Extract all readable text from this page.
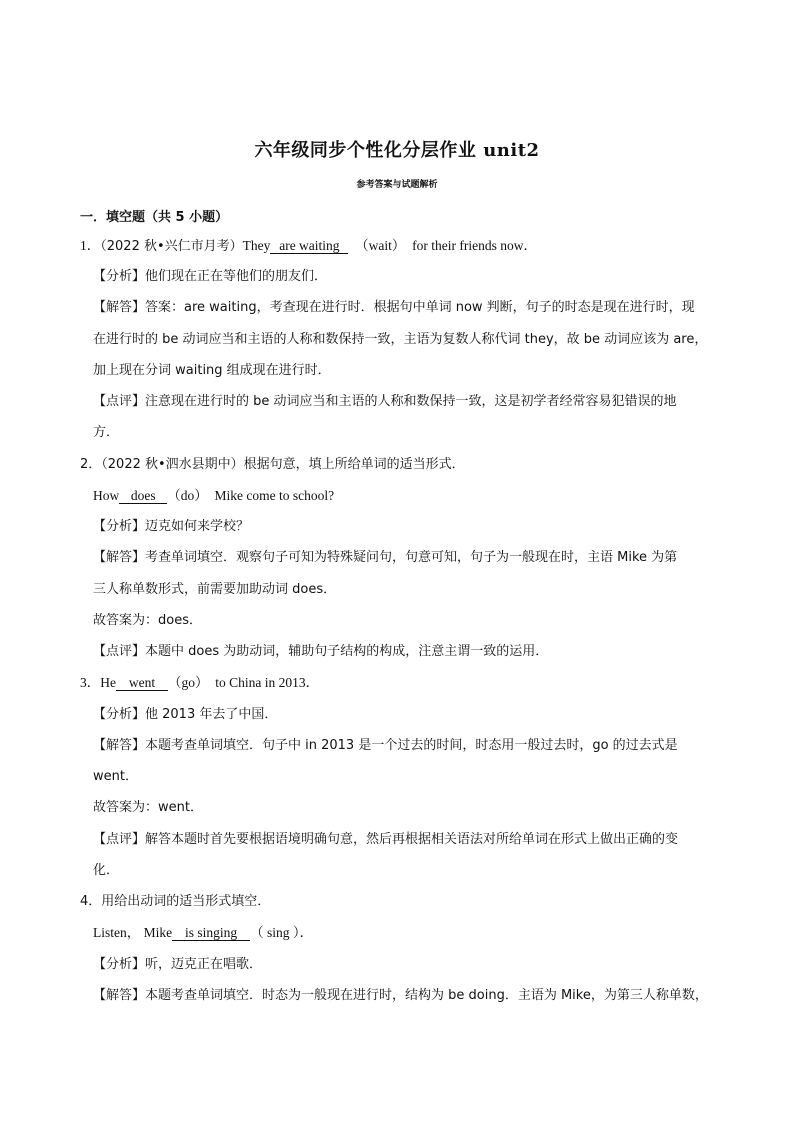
六年级同步个性化分层作业 unit2
参考答案与试题解析
一．填空题（共 5 小题）
1．（2022 秋•兴仁市月考）They are waiting （wait） for their friends now．
【分析】他们现在正在等他们的朋友们．
【解答】答案：are waiting，考查现在进行时．根据句中单词 now 判断，句子的时态是现在进行时，现
在进行时的 be 动词应当和主语的人称和数保持一致，主语为复数人称代词 they，故 be 动词应该为 are，
加上现在分词 waiting 组成现在进行时．
【点评】注意现在进行时的 be 动词应当和主语的人称和数保持一致，这是初学者经常容易犯错误的地
方．
2．（2022 秋•泗水县期中）根据句意，填上所给单词的适当形式．
How does （do） Mike come to school?
【分析】迈克如何来学校？
【解答】考查单词填空．观察句子可知为特殊疑问句，句意可知，句子为一般现在时，主语 Mike 为第
三人称单数形式，前需要加助动词 does．
故答案为：does．
【点评】本题中 does 为助动词，辅助句子结构的构成，注意主谓一致的运用．
3．He went （go） to China in 2013．
【分析】他 2013 年去了中国．
【解答】本题考查单词填空．句子中 in 2013 是一个过去的时间，时态用一般过去时，go 的过去式是
went．
故答案为：went．
【点评】解答本题时首先要根据语境明确句意，然后再根据相关语法对所给单词在形式上做出正确的变
化．
4．用给出动词的适当形式填空．
Listen， Mike is singing （ sing ）．
【分析】听，迈克正在唱歌．
【解答】本题考查单词填空．时态为一般现在进行时，结构为 be doing．主语为 Mike，为第三人称单数，
